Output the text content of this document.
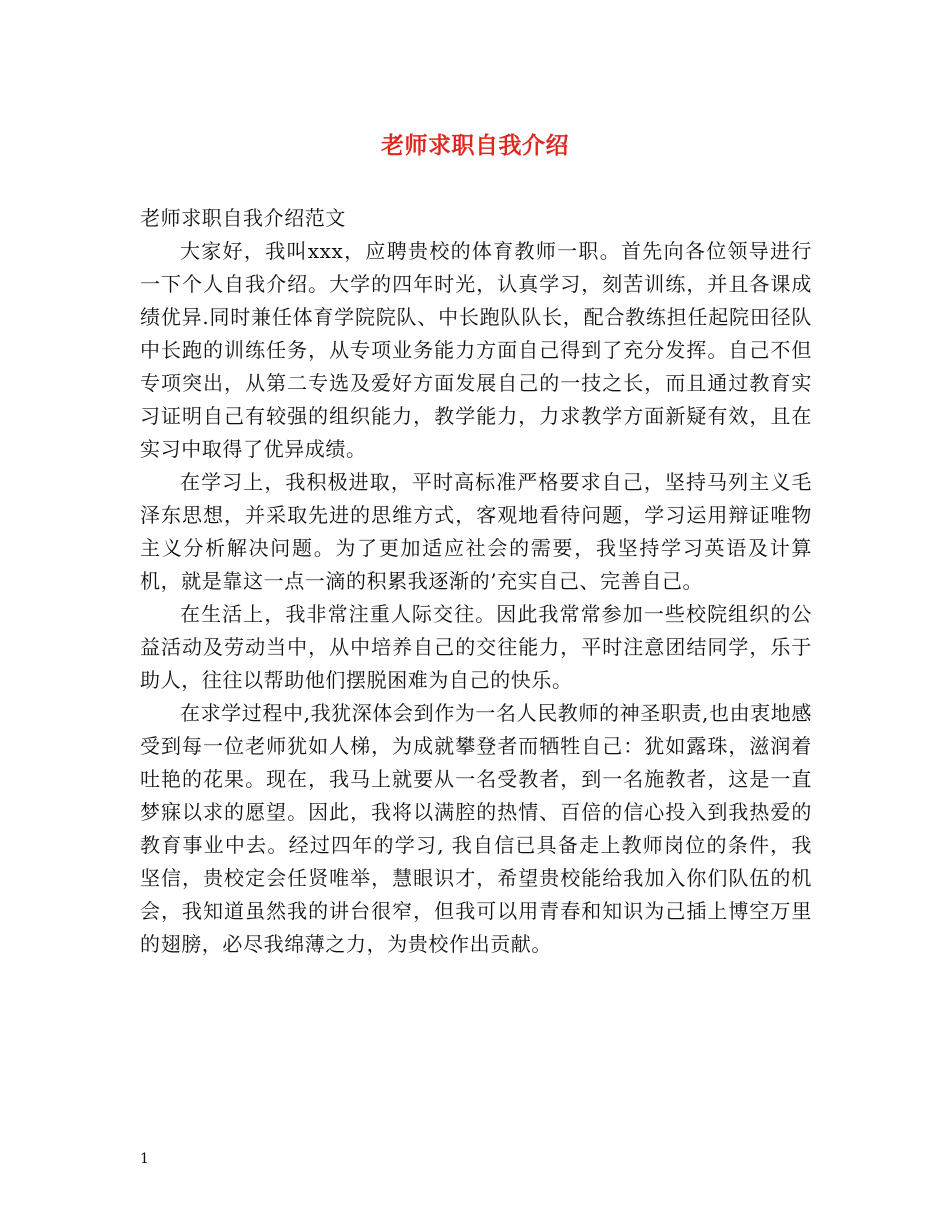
老师求职自我介绍

老师求职自我介绍范文

大家好，我叫xxx，应聘贵校的体育教师一职。首先向各位领导进行一下个人自我介绍。大学的四年时光，认真学习，刻苦训练，并且各课成绩优异.同时兼任体育学院院队、中长跑队队长，配合教练担任起院田径队中长跑的训练任务，从专项业务能力方面自己得到了充分发挥。自己不但专项突出，从第二专选及爱好方面发展自己的一技之长，而且通过教育实习证明自己有较强的组织能力，教学能力，力求教学方面新疑有效，且在实习中取得了优异成绩。

在学习上，我积极进取，平时高标准严格要求自己，坚持马列主义毛泽东思想，并采取先进的思维方式，客观地看待问题，学习运用辩证唯物主义分析解决问题。为了更加适应社会的需要，我坚持学习英语及计算机，就是靠这一点一滴的积累我逐渐的’充实自己、完善自己。

在生活上，我非常注重人际交往。因此我常常参加一些校院组织的公益活动及劳动当中，从中培养自己的交往能力，平时注意团结同学，乐于助人，往往以帮助他们摆脱困难为自己的快乐。

在求学过程中,我犹深体会到作为一名人民教师的神圣职责,也由衷地感受到每一位老师犹如人梯，为成就攀登者而牺牲自己：犹如露珠，滋润着吐艳的花果。现在，我马上就要从一名受教者，到一名施教者，这是一直梦寐以求的愿望。因此，我将以满腔的热情、百倍的信心投入到我热爱的教育事业中去。经过四年的学习, 我自信已具备走上教师岗位的条件，我坚信，贵校定会任贤唯举，慧眼识才，希望贵校能给我加入你们队伍的机会，我知道虽然我的讲台很窄，但我可以用青春和知识为己插上博空万里的翅膀，必尽我绵薄之力，为贵校作出贡献。

1
